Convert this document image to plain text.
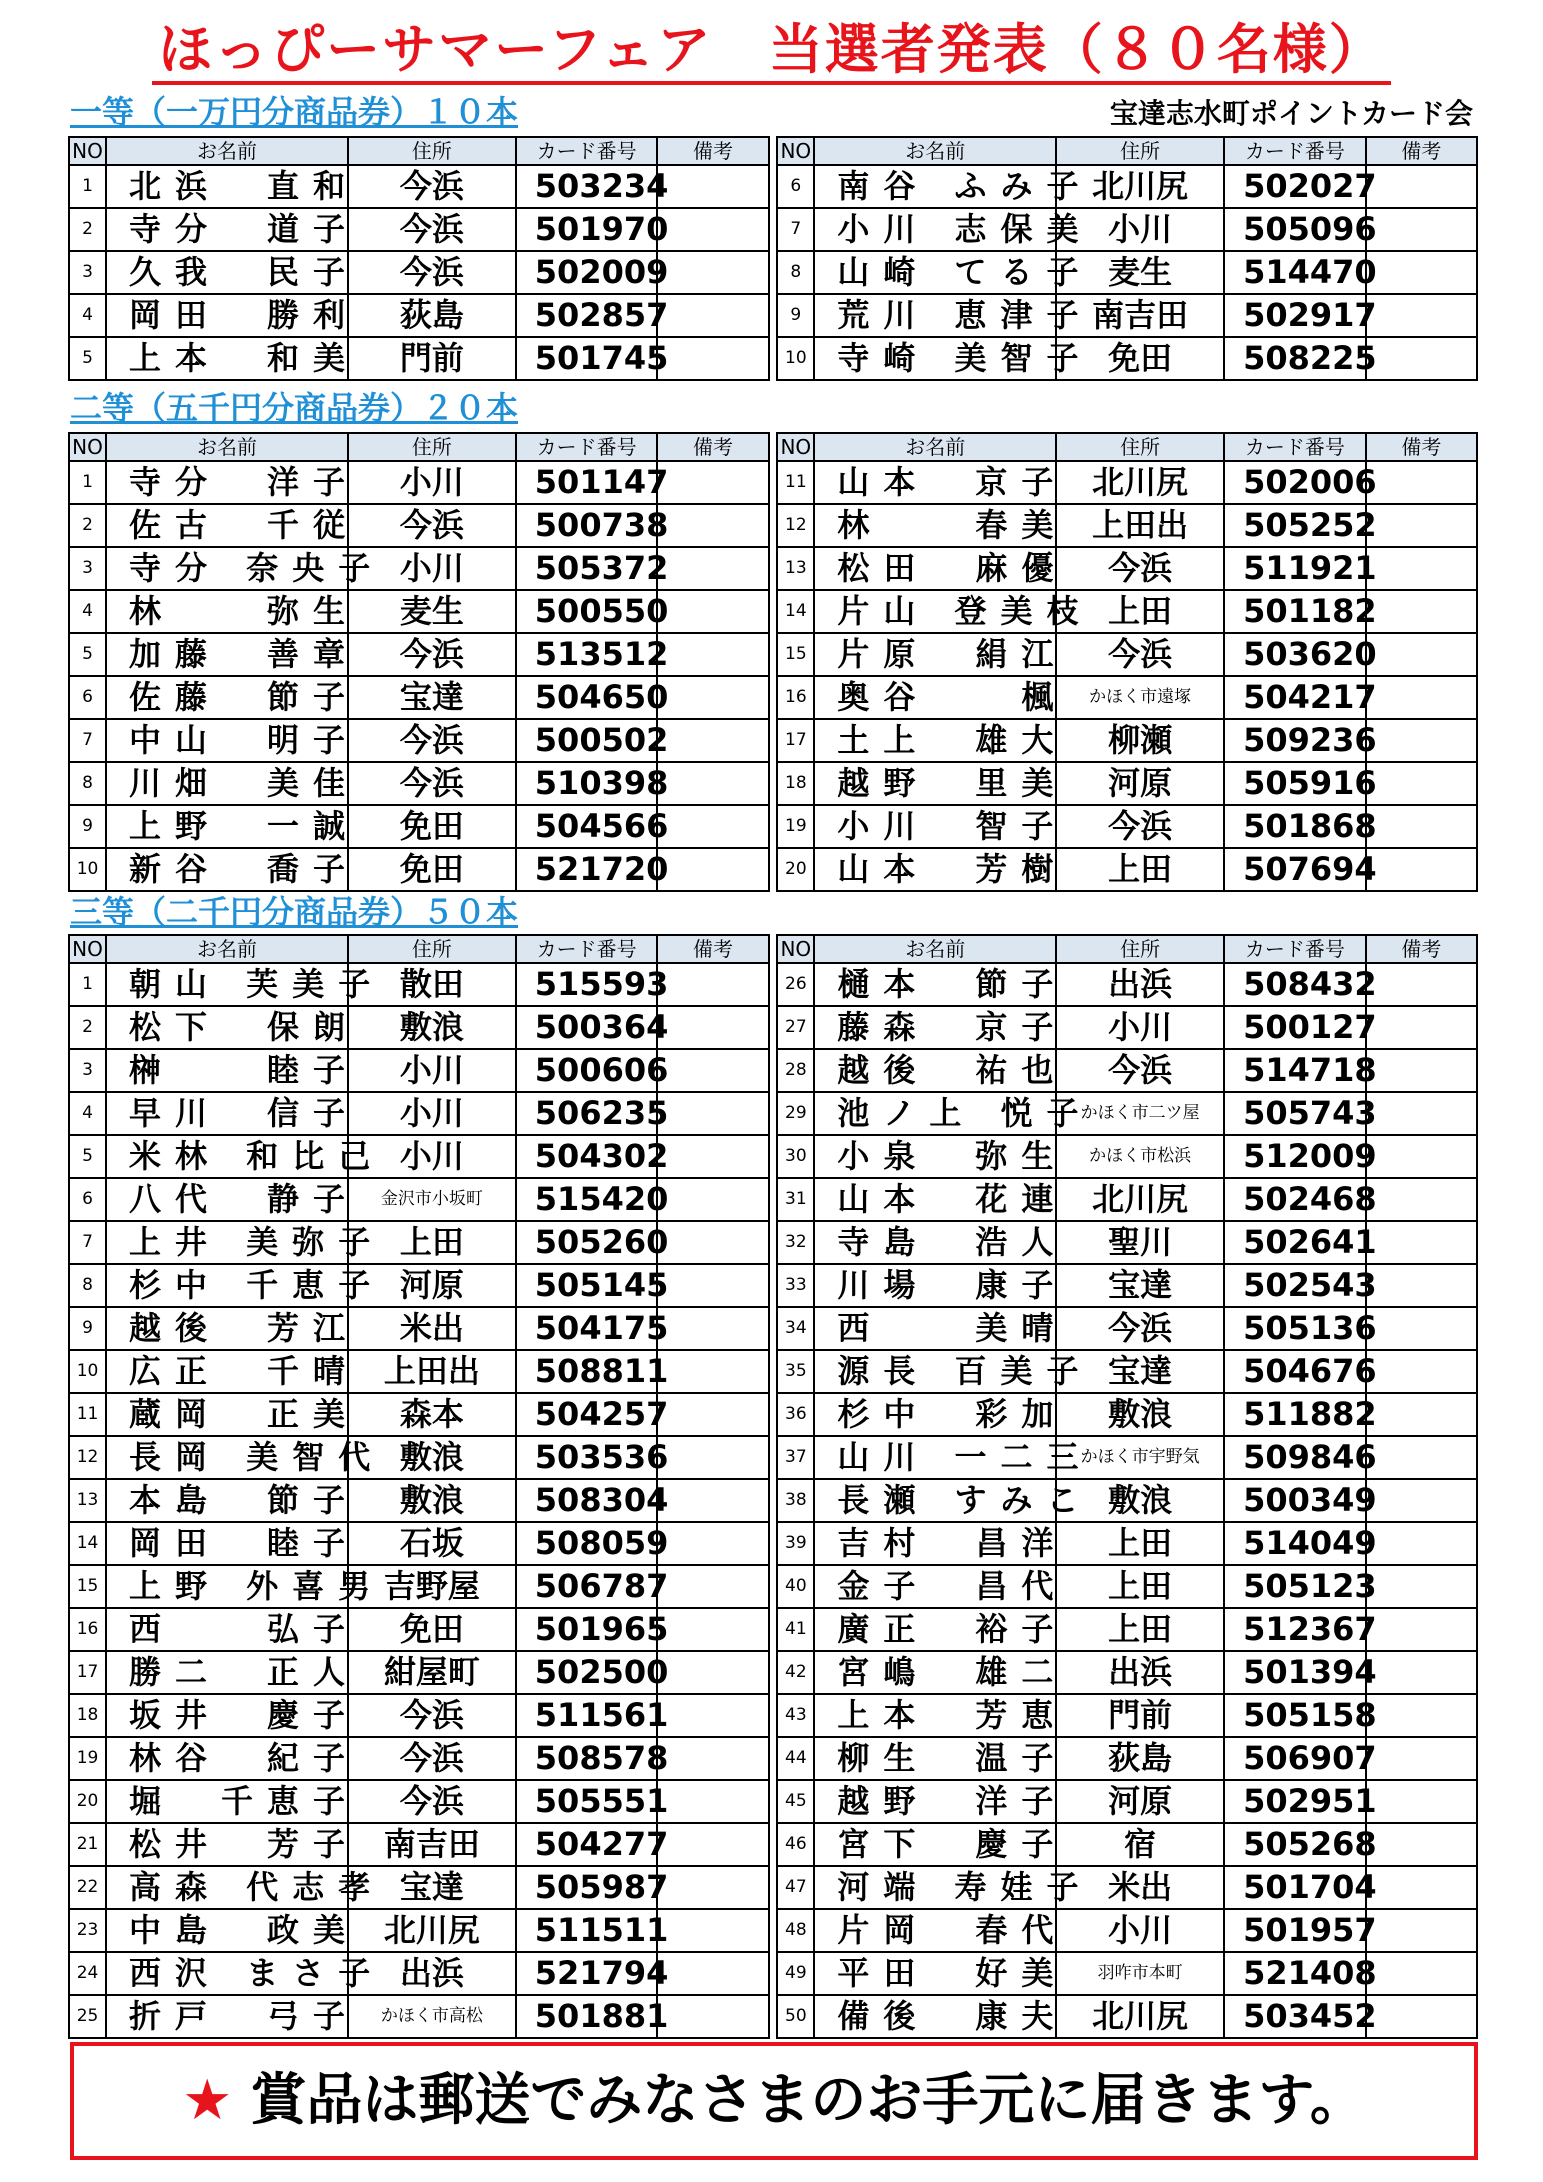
ほっぴーサマーフェア　当選者発表（８０名様）
宝達志水町ポイントカード会
一等（一万円分商品券）１０本
NO	お名前	住所	カード番号	備考		NO	お名前	住所	カード番号	備考
1	北浜　直和	今浜	503234			6	南谷 ふみ子	北川尻	502027	
2	寺分　道子	今浜	501970			7	小川 志保美	小川	505096	
3	久我　民子	今浜	502009			8	山崎 てる子	麦生	514470	
4	岡田　勝利	荻島	502857			9	荒川 恵津子	南吉田	502917	
5	上本　和美	門前	501745			10	寺崎 美智子	免田	508225	
二等（五千円分商品券）２０本
NO	お名前	住所	カード番号	備考		NO	お名前	住所	カード番号	備考
1	寺分　洋子	小川	501147			11	山本　京子	北川尻	502006	
2	佐古　千従	今浜	500738			12	林　　春美	上田出	505252	
3	寺分 奈央子	小川	505372			13	松田　麻優	今浜	511921	
4	林　　弥生	麦生	500550			14	片山 登美枝	上田	501182	
5	加藤　善章	今浜	513512			15	片原　絹江	今浜	503620	
6	佐藤　節子	宝達	504650			16	奥谷　　楓	かほく市遠塚	504217	
7	中山　明子	今浜	500502			17	土上　雄大	柳瀬	509236	
8	川畑　美佳	今浜	510398			18	越野　里美	河原	505916	
9	上野　一誠	免田	504566			19	小川　智子	今浜	501868	
10	新谷　喬子	免田	521720			20	山本　芳樹	上田	507694	
三等（二千円分商品券）５０本
NO	お名前	住所	カード番号	備考		NO	お名前	住所	カード番号	備考
1	朝山 芙美子	散田	515593			26	樋本　節子	出浜	508432	
2	松下　保朗	敷浪	500364			27	藤森　京子	小川	500127	
3	榊　　睦子	小川	500606			28	越後　祐也	今浜	514718	
4	早川　信子	小川	506235			29	池ノ上 悦子	かほく市二ツ屋	505743	
5	米林 和比己	小川	504302			30	小泉　弥生	かほく市松浜	512009	
6	八代　静子	金沢市小坂町	515420			31	山本　花連	北川尻	502468	
7	上井 美弥子	上田	505260			32	寺島　浩人	聖川	502641	
8	杉中 千恵子	河原	505145			33	川場　康子	宝達	502543	
9	越後　芳江	米出	504175			34	西　　美晴	今浜	505136	
10	広正　千晴	上田出	508811			35	源長 百美子	宝達	504676	
11	蔵岡　正美	森本	504257			36	杉中　彩加	敷浪	511882	
12	長岡 美智代	敷浪	503536			37	山川 一二三	かほく市宇野気	509846	
13	本島　節子	敷浪	508304			38	長瀬 すみこ	敷浪	500349	
14	岡田　睦子	石坂	508059			39	吉村　昌洋	上田	514049	
15	上野 外喜男	吉野屋	506787			40	金子　昌代	上田	505123	
16	西　　弘子	免田	501965			41	廣正　裕子	上田	512367	
17	勝二　正人	紺屋町	502500			42	宮嶋　雄二	出浜	501394	
18	坂井　慶子	今浜	511561			43	上本　芳恵	門前	505158	
19	林谷　紀子	今浜	508578			44	柳生　温子	荻島	506907	
20	堀　千恵子	今浜	505551			45	越野　洋子	河原	502951	
21	松井　芳子	南吉田	504277			46	宮下　慶子	宿	505268	
22	高森 代志孝	宝達	505987			47	河端 寿娃子	米出	501704	
23	中島　政美	北川尻	511511			48	片岡　春代	小川	501957	
24	西沢 まさ子	出浜	521794			49	平田　好美	羽咋市本町	521408	
25	折戸　弓子	かほく市高松	501881			50	備後　康夫	北川尻	503452	
★ 賞品は郵送でみなさまのお手元に届きます。
